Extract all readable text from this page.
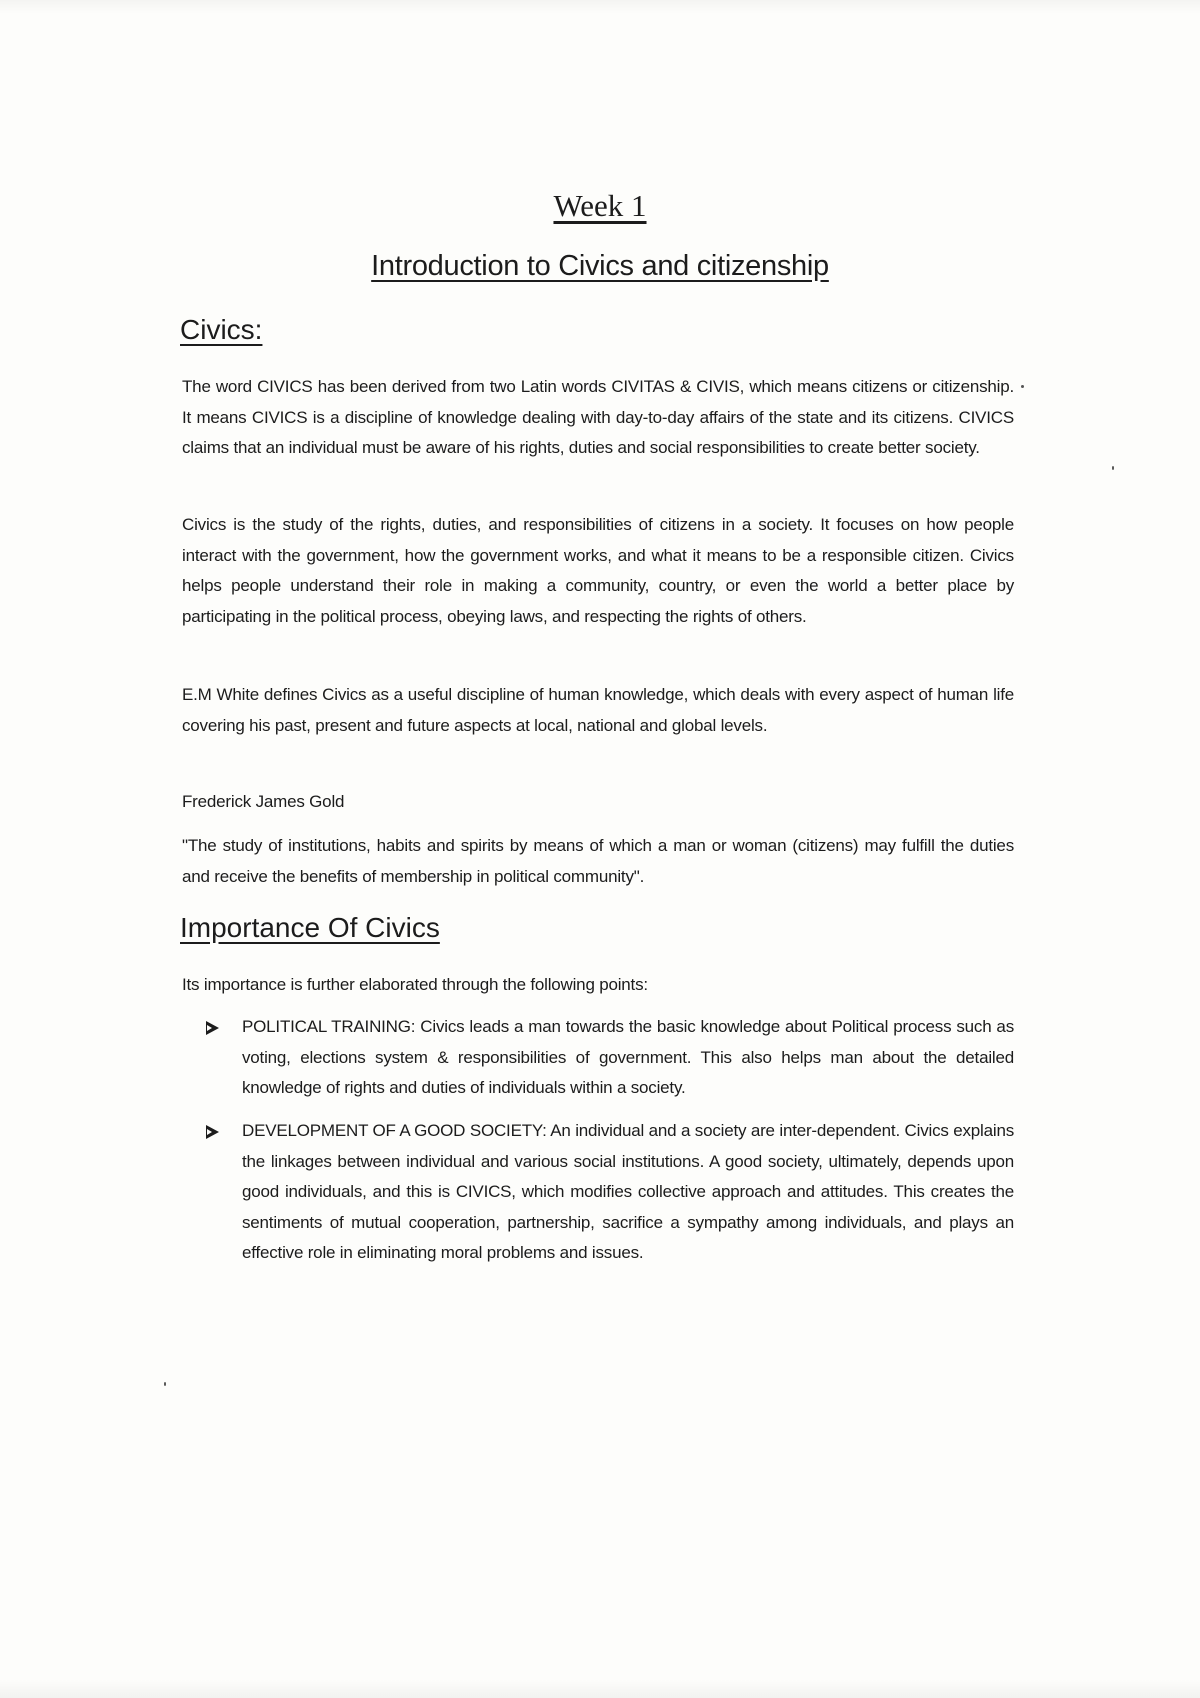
Week 1
Introduction to Civics and citizenship
Civics:

The word CIVICS has been derived from two Latin words CIVITAS & CIVIS, which means citizens or citizenship. It means CIVICS is a discipline of knowledge dealing with day-to-day affairs of the state and its citizens. CIVICS claims that an individual must be aware of his rights, duties and social responsibilities to create better society.

Civics is the study of the rights, duties, and responsibilities of citizens in a society. It focuses on how people interact with the government, how the government works, and what it means to be a responsible citizen. Civics helps people understand their role in making a community, country, or even the world a better place by participating in the political process, obeying laws, and respecting the rights of others.

E.M White defines Civics as a useful discipline of human knowledge, which deals with every aspect of human life covering his past, present and future aspects at local, national and global levels.

Frederick James Gold

"The study of institutions, habits and spirits by means of which a man or woman (citizens) may fulfill the duties and receive the benefits of membership in political community".

Importance Of Civics

Its importance is further elaborated through the following points:

POLITICAL TRAINING: Civics leads a man towards the basic knowledge about Political process such as voting, elections system & responsibilities of government. This also helps man about the detailed knowledge of rights and duties of individuals within a society.
DEVELOPMENT OF A GOOD SOCIETY: An individual and a society are inter-dependent. Civics explains the linkages between individual and various social institutions. A good society, ultimately, depends upon good individuals, and this is CIVICS, which modifies collective approach and attitudes. This creates the sentiments of mutual cooperation, partnership, sacrifice a sympathy among individuals, and plays an effective role in eliminating moral problems and issues.
